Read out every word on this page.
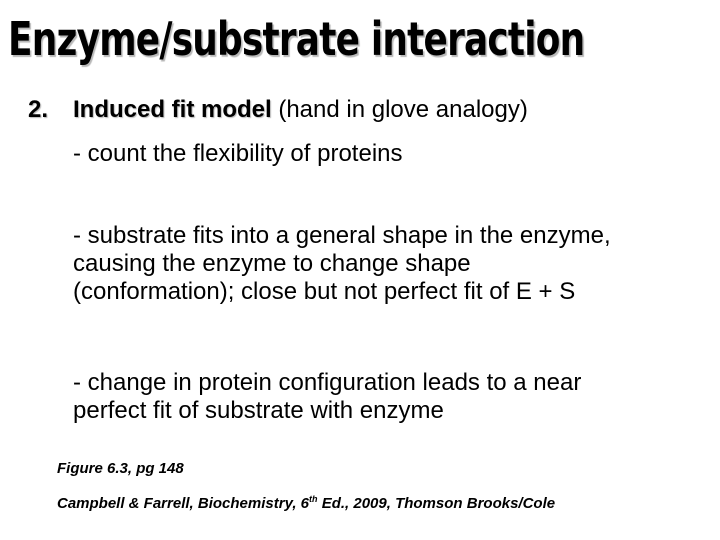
Enzyme/substrate interaction
2. Induced fit model (hand in glove analogy)

- count the flexibility of proteins

- substrate fits into a general shape in the enzyme,
causing the enzyme to change shape
(conformation); close but not perfect fit of E + S

- change in protein configuration leads to a near
perfect fit of substrate with enzyme

Figure 6.3, pg 148

Campbell & Farrell, Biochemistry, 6th Ed., 2009, Thomson Brooks/Cole
